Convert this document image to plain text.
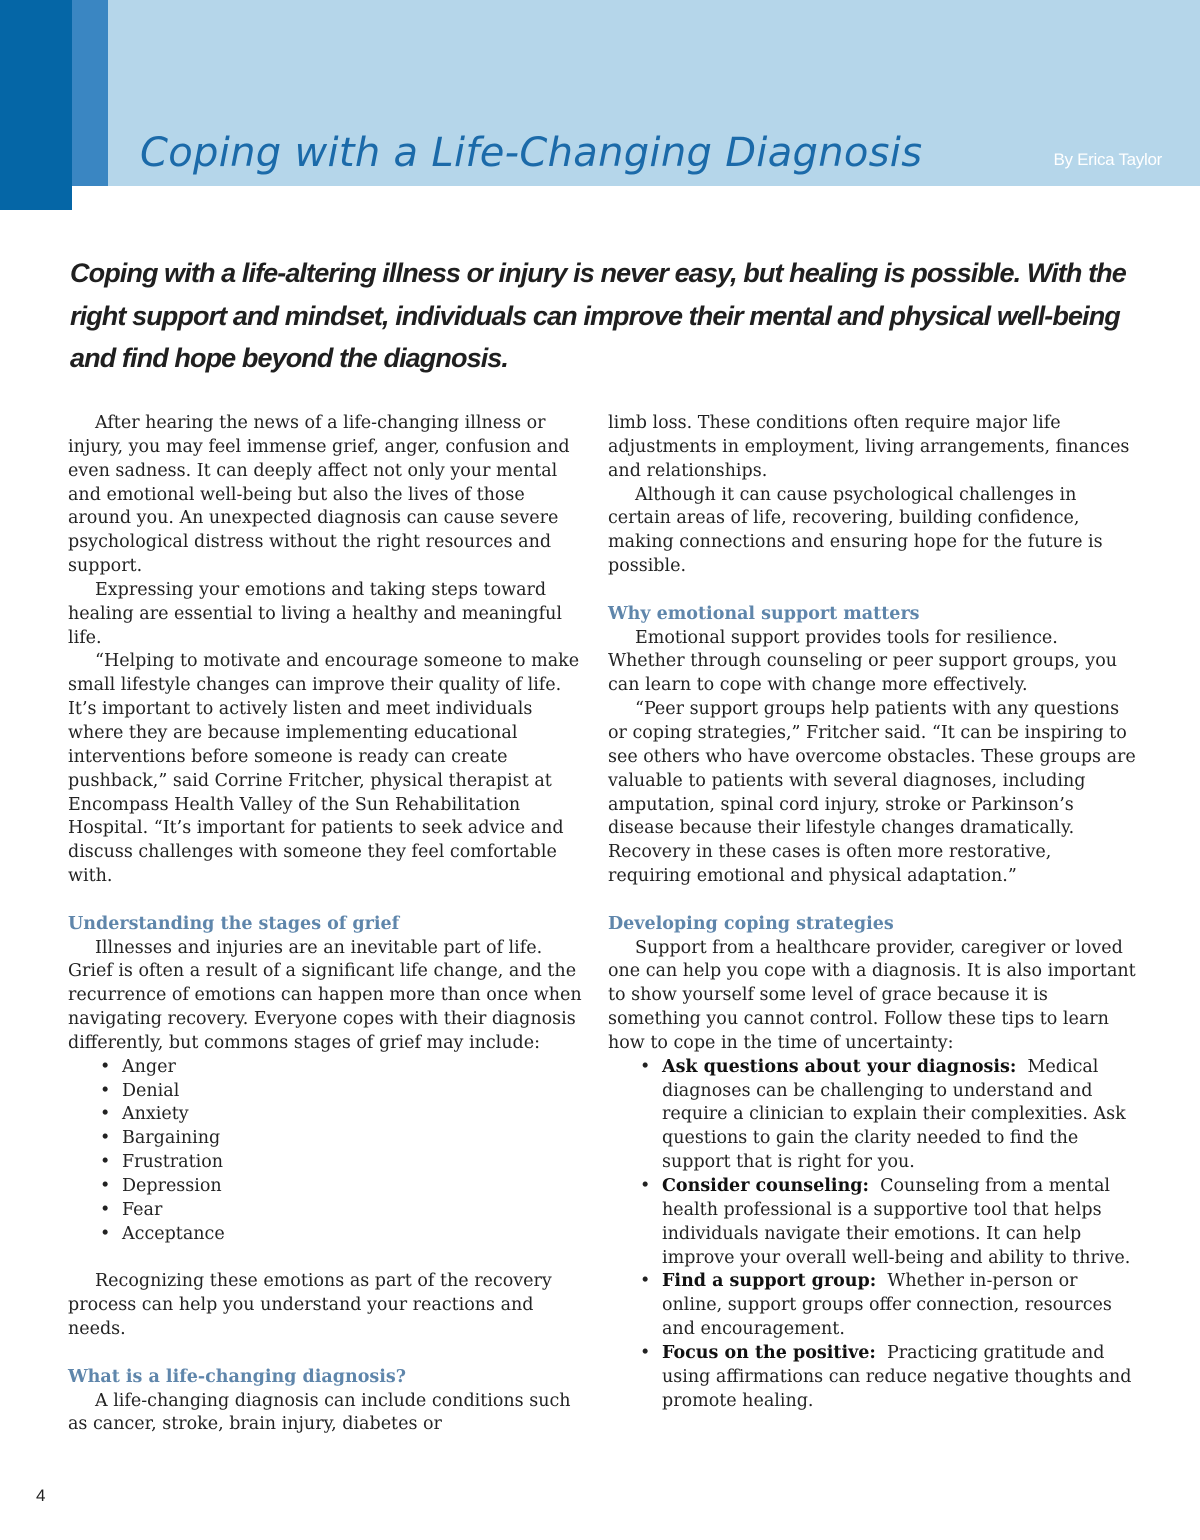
Coping with a Life-Changing Diagnosis	By Erica Taylor

Coping with a life-altering illness or injury is never easy, but healing is possible. With the right support and mindset, individuals can improve their mental and physical well-being and find hope beyond the diagnosis.

After hearing the news of a life-changing illness or injury, you may feel immense grief, anger, confusion and even sadness. It can deeply affect not only your mental and emotional well-being but also the lives of those around you. An unexpected diagnosis can cause severe psychological distress without the right resources and support.

Expressing your emotions and taking steps toward healing are essential to living a healthy and meaningful life.

“Helping to motivate and encourage someone to make small lifestyle changes can improve their quality of life. It’s important to actively listen and meet individuals where they are because implementing educational interventions before someone is ready can create pushback,” said Corrine Fritcher, physical therapist at Encompass Health Valley of the Sun Rehabilitation Hospital. “It’s important for patients to seek advice and discuss challenges with someone they feel comfortable with.

Understanding the stages of grief

Illnesses and injuries are an inevitable part of life. Grief is often a result of a significant life change, and the recurrence of emotions can happen more than once when navigating recovery. Everyone copes with their diagnosis differently, but commons stages of grief may include:

• Anger
• Denial
• Anxiety
• Bargaining
• Frustration
• Depression
• Fear
• Acceptance

Recognizing these emotions as part of the recovery process can help you understand your reactions and needs.

What is a life-changing diagnosis?

A life-changing diagnosis can include conditions such as cancer, stroke, brain injury, diabetes or

limb loss. These conditions often require major life adjustments in employment, living arrangements, finances and relationships.

Although it can cause psychological challenges in certain areas of life, recovering, building confidence, making connections and ensuring hope for the future is possible.

Why emotional support matters

Emotional support provides tools for resilience. Whether through counseling or peer support groups, you can learn to cope with change more effectively.

“Peer support groups help patients with any questions or coping strategies,” Fritcher said. “It can be inspiring to see others who have overcome obstacles. These groups are valuable to patients with several diagnoses, including amputation, spinal cord injury, stroke or Parkinson’s disease because their lifestyle changes dramatically. Recovery in these cases is often more restorative, requiring emotional and physical adaptation.”

Developing coping strategies

Support from a healthcare provider, caregiver or loved one can help you cope with a diagnosis. It is also important to show yourself some level of grace because it is something you cannot control. Follow these tips to learn how to cope in the time of uncertainty:

• Ask questions about your diagnosis: Medical diagnoses can be challenging to understand and require a clinician to explain their complexities. Ask questions to gain the clarity needed to find the support that is right for you.
• Consider counseling: Counseling from a mental health professional is a supportive tool that helps individuals navigate their emotions. It can help improve your overall well-being and ability to thrive.
• Find a support group: Whether in-person or online, support groups offer connection, resources and encouragement.
• Focus on the positive: Practicing gratitude and using affirmations can reduce negative thoughts and promote healing.
4
